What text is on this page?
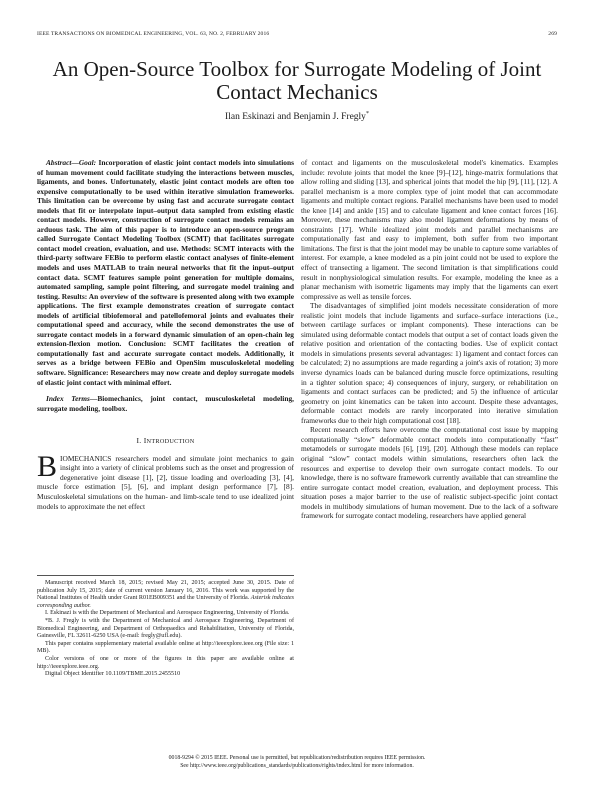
IEEE TRANSACTIONS ON BIOMEDICAL ENGINEERING, VOL. 63, NO. 2, FEBRUARY 2016	269
An Open-Source Toolbox for Surrogate Modeling of Joint Contact Mechanics
Ilan Eskinazi and Benjamin J. Fregly*

Abstract—Goal: Incorporation of elastic joint contact models into simulations of human movement could facilitate studying the interactions between muscles, ligaments, and bones. Unfortunately, elastic joint contact models are often too expensive computationally to be used within iterative simulation frameworks. This limitation can be overcome by using fast and accurate surrogate contact models that fit or interpolate input–output data sampled from existing elastic contact models. However, construction of surrogate contact models remains an arduous task. The aim of this paper is to introduce an open-source program called Surrogate Contact Modeling Toolbox (SCMT) that facilitates surrogate contact model creation, evaluation, and use. Methods: SCMT interacts with the third-party software FEBio to perform elastic contact analyses of finite-element models and uses MATLAB to train neural networks that fit the input–output contact data. SCMT features sample point generation for multiple domains, automated sampling, sample point filtering, and surrogate model training and testing. Results: An overview of the software is presented along with two example applications. The first example demonstrates creation of surrogate contact models of artificial tibiofemoral and patellofemoral joints and evaluates their computational speed and accuracy, while the second demonstrates the use of surrogate contact models in a forward dynamic simulation of an open-chain leg extension-flexion motion. Conclusion: SCMT facilitates the creation of computationally fast and accurate surrogate contact models. Additionally, it serves as a bridge between FEBio and OpenSim musculoskeletal modeling software. Significance: Researchers may now create and deploy surrogate models of elastic joint contact with minimal effort.

Index Terms—Biomechanics, joint contact, musculoskeletal modeling, surrogate modeling, toolbox.

I. INTRODUCTION

BIOMECHANICS researchers model and simulate joint mechanics to gain insight into a variety of clinical problems such as the onset and progression of degenerative joint disease [1], [2], tissue loading and overloading [3], [4], muscle force estimation [5], [6], and implant design performance [7], [8]. Musculoskeletal simulations on the human- and limb-scale tend to use idealized joint models to approximate the net effect

Manuscript received March 18, 2015; revised May 21, 2015; accepted June 30, 2015. Date of publication July 15, 2015; date of current version January 16, 2016. This work was supported by the National Institutes of Health under Grant R01EB009351 and the University of Florida. Asterisk indicates corresponding author.

I. Eskinazi is with the Department of Mechanical and Aerospace Engineering, University of Florida.

*B. J. Fregly is with the Department of Mechanical and Aerospace Engineering, Department of Biomedical Engineering, and Department of Orthopaedics and Rehabilitation, University of Florida, Gainesville, FL 32611-6250 USA (e-mail: fregly@ufl.edu).

This paper contains supplementary material available online at http://ieeexplore.ieee.org (File size: 1 MB).

Color versions of one or more of the figures in this paper are available online at http://ieeexplore.ieee.org.

Digital Object Identifier 10.1109/TBME.2015.2455510

of contact and ligaments on the musculoskeletal model's kinematics. Examples include: revolute joints that model the knee [9]–[12], hinge-matrix formulations that allow rolling and sliding [13], and spherical joints that model the hip [9], [11], [12]. A parallel mechanism is a more complex type of joint model that can accommodate ligaments and multiple contact regions. Parallel mechanisms have been used to model the knee [14] and ankle [15] and to calculate ligament and knee contact forces [16]. Moreover, these mechanisms may also model ligament deformations by means of constraints [17]. While idealized joint models and parallel mechanisms are computationally fast and easy to implement, both suffer from two important limitations. The first is that the joint model may be unable to capture some variables of interest. For example, a knee modeled as a pin joint could not be used to explore the effect of transecting a ligament. The second limitation is that simplifications could result in nonphysiological simulation results. For example, modeling the knee as a planar mechanism with isometric ligaments may imply that the ligaments can exert compressive as well as tensile forces.

The disadvantages of simplified joint models necessitate consideration of more realistic joint models that include ligaments and surface–surface interactions (i.e., between cartilage surfaces or implant components). These interactions can be simulated using deformable contact models that output a set of contact loads given the relative position and orientation of the contacting bodies. Use of explicit contact models in simulations presents several advantages: 1) ligament and contact forces can be calculated; 2) no assumptions are made regarding a joint's axis of rotation; 3) more inverse dynamics loads can be balanced during muscle force optimizations, resulting in a tighter solution space; 4) consequences of injury, surgery, or rehabilitation on ligaments and contact surfaces can be predicted; and 5) the influence of articular geometry on joint kinematics can be taken into account. Despite these advantages, deformable contact models are rarely incorporated into iterative simulation frameworks due to their high computational cost [18].

Recent research efforts have overcome the computational cost issue by mapping computationally “slow” deformable contact models into computationally “fast” metamodels or surrogate models [6], [19], [20]. Although these models can replace original “slow” contact models within simulations, researchers often lack the resources and expertise to develop their own surrogate contact models. To our knowledge, there is no software framework currently available that can streamline the entire surrogate contact model creation, evaluation, and deployment process. This situation poses a major barrier to the use of realistic subject-specific joint contact models in multibody simulations of human movement. Due to the lack of a software framework for surrogate contact modeling, researchers have applied general

0018-9294 © 2015 IEEE. Personal use is permitted, but republication/redistribution requires IEEE permission.
See http://www.ieee.org/publications_standards/publications/rights/index.html for more information.
